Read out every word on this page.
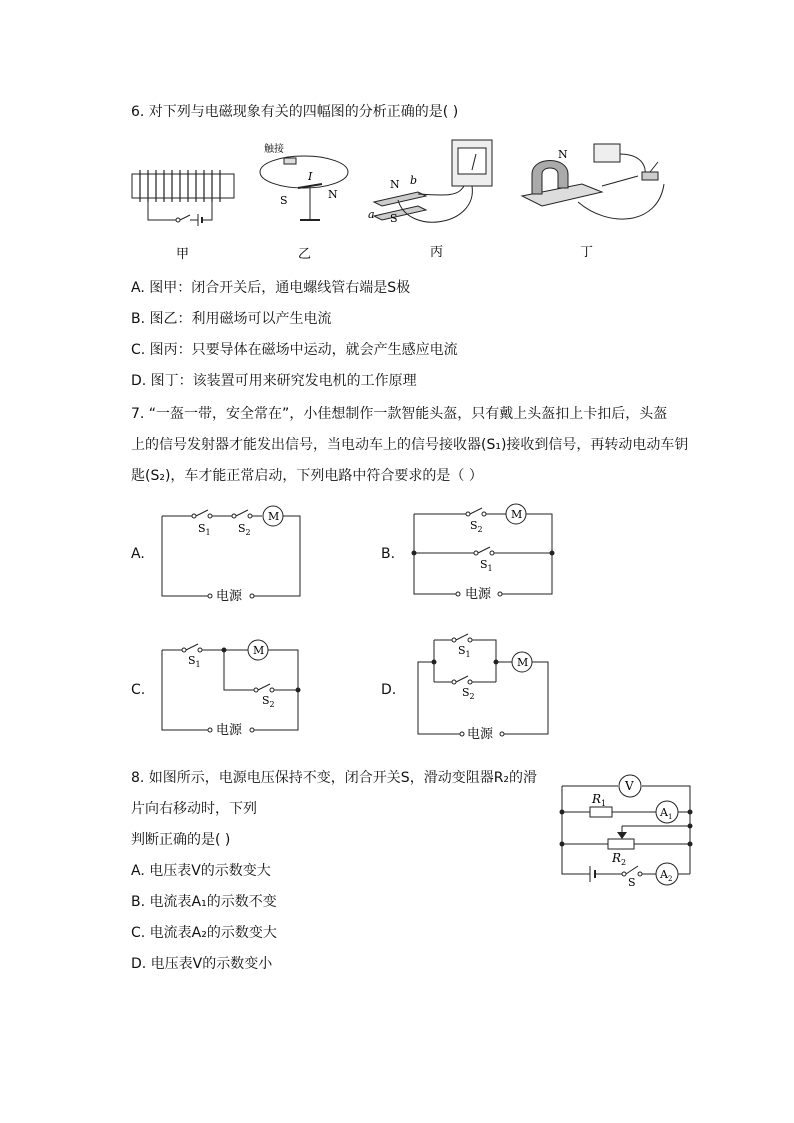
6. 对下列与电磁现象有关的四幅图的分析正确的是( )
甲
触接
I
S	N
乙
N b
a S
丙
N
丁
A. 图甲：闭合开关后，通电螺线管右端是S极
B. 图乙：利用磁场可以产生电流
C. 图丙：只要导体在磁场中运动，就会产生感应电流
D. 图丁：该装置可用来研究发电机的工作原理
7. “一盔一带，安全常在”，小佳想制作一款智能头盔，只有戴上头盔扣上卡扣后，头盔
上的信号发射器才能发出信号，当电动车上的信号接收器(S₁)接收到信号，再转动电动车钥
匙(S₂)，车才能正常启动，下列电路中符合要求的是（ ）
A.
M
$S_1$ $S_2$
电源
B.
M
$S_2$
$S_1$
电源
C.
M
$S_1$
$S_2$
电源
D.
M
$S_1$
$S_2$
电源
8. 如图所示，电源电压保持不变，闭合开关S，滑动变阻器R₂的滑
片向右移动时，下列
判断正确的是( )
V
$R_1$
$R_2$
$A_1$
$A_2$
S
A. 电压表V的示数变大
B. 电流表A₁的示数不变
C. 电流表A₂的示数变大
D. 电压表V的示数变小
